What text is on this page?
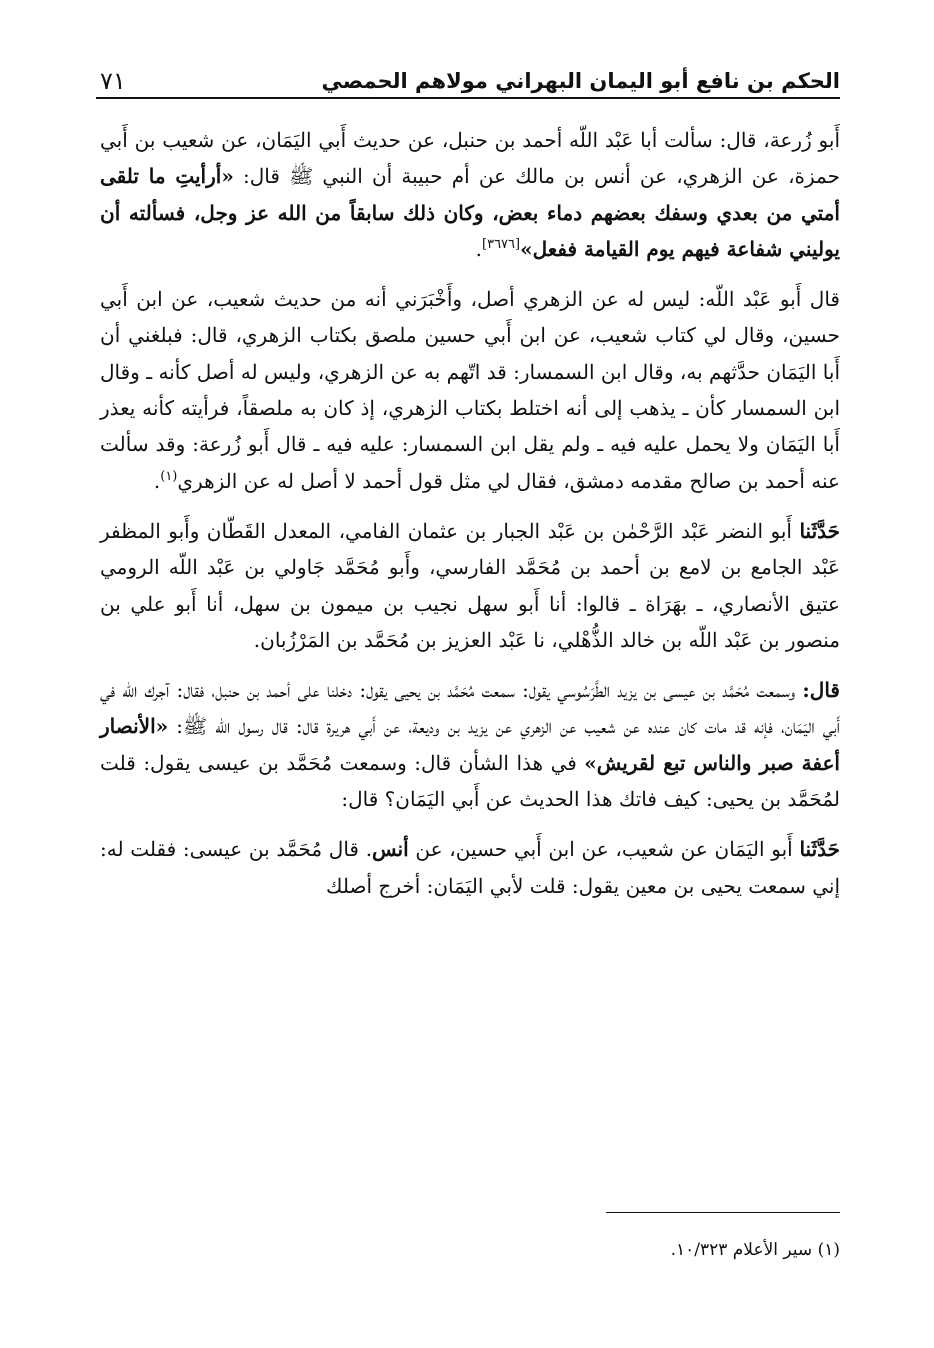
٧١	الحكم بن نافع أبو اليمان البهراني مولاهم الحمصي

أَبو زُرعة، قال: سألت أبا عَبْد اللّه أحمد بن حنبل، عن حديث أَبي اليَمَان، عن شعيب بن أَبي حمزة، عن الزهري، عن أنس بن مالك عن أم حبيبة أن النبي ﷺ قال: «أرأيتِ ما تلقى أمتي من بعدي وسفك بعضهم دماء بعض، وكان ذلك سابقاً من الله عز وجل، فسألته أن يوليني شفاعة فيهم يوم القيامة ففعل»[٣٦٧٦].

قال أَبو عَبْد اللّه: ليس له عن الزهري أصل، وأَخْبَرَني أنه من حديث شعيب، عن ابن أَبي حسين، وقال لي كتاب شعيب، عن ابن أَبي حسين ملصق بكتاب الزهري، قال: فبلغني أن أَبا اليَمَان حدَّثهم به، وقال ابن السمسار: قد اتّهم به عن الزهري، وليس له أصل كأنه ـ وقال ابن السمسار كأن ـ يذهب إلى أنه اختلط بكتاب الزهري، إذ كان به ملصقاً، فرأيته كأنه يعذر أَبا اليَمَان ولا يحمل عليه فيه ـ ولم يقل ابن السمسار: عليه فيه ـ قال أَبو زُرعة: وقد سألت عنه أحمد بن صالح مقدمه دمشق، فقال لي مثل قول أحمد لا أصل له عن الزهري$^{(١)}$.

حَدَّثَنا أَبو النضر عَبْد الرَّحْمٰن بن عَبْد الجبار بن عثمان الفامي، المعدل القَطّان وأَبو المظفر عَبْد الجامع بن لامع بن أحمد بن مُحَمَّد الفارسي، وأَبو مُحَمَّد جَاولي بن عَبْد اللّه الرومي عتيق الأنصاري، ـ بهَرَاة ـ قالوا: أنا أَبو سهل نجيب بن ميمون بن سهل، أنا أَبو علي بن منصور بن عَبْد اللّه بن خالد الذُّهْلي، نا عَبْد العزيز بن مُحَمَّد بن المَرْزُبان.

قال: وسمعت مُحَمَّد بن عيسى بن يزيد الطَّرَسُوسي يقول: سمعت مُحَمَّد بن يحيى يقول: دخلنا على أحمد بن حنبل، فقال: آجرك الله في أَبي اليَمَان، فإنه قد مات كان عنده عن شعيب عن الزهري عن يزيد بن وديعة، عن أَبي هريرة قال: قال رسول الله ﷺ: «الأنصار أعفة صبر والناس تبع لقريش» في هذا الشأن قال: وسمعت مُحَمَّد بن عيسى يقول: قلت لمُحَمَّد بن يحيى: كيف فاتك هذا الحديث عن أَبي اليَمَان؟ قال:

حَدَّثَنا أَبو اليَمَان عن شعيب، عن ابن أَبي حسين، عن أنس. قال مُحَمَّد بن عيسى: فقلت له: إني سمعت يحيى بن معين يقول: قلت لأبي اليَمَان: أخرج أصلك

(١) سير الأعلام ١٠/٣٢٣.
